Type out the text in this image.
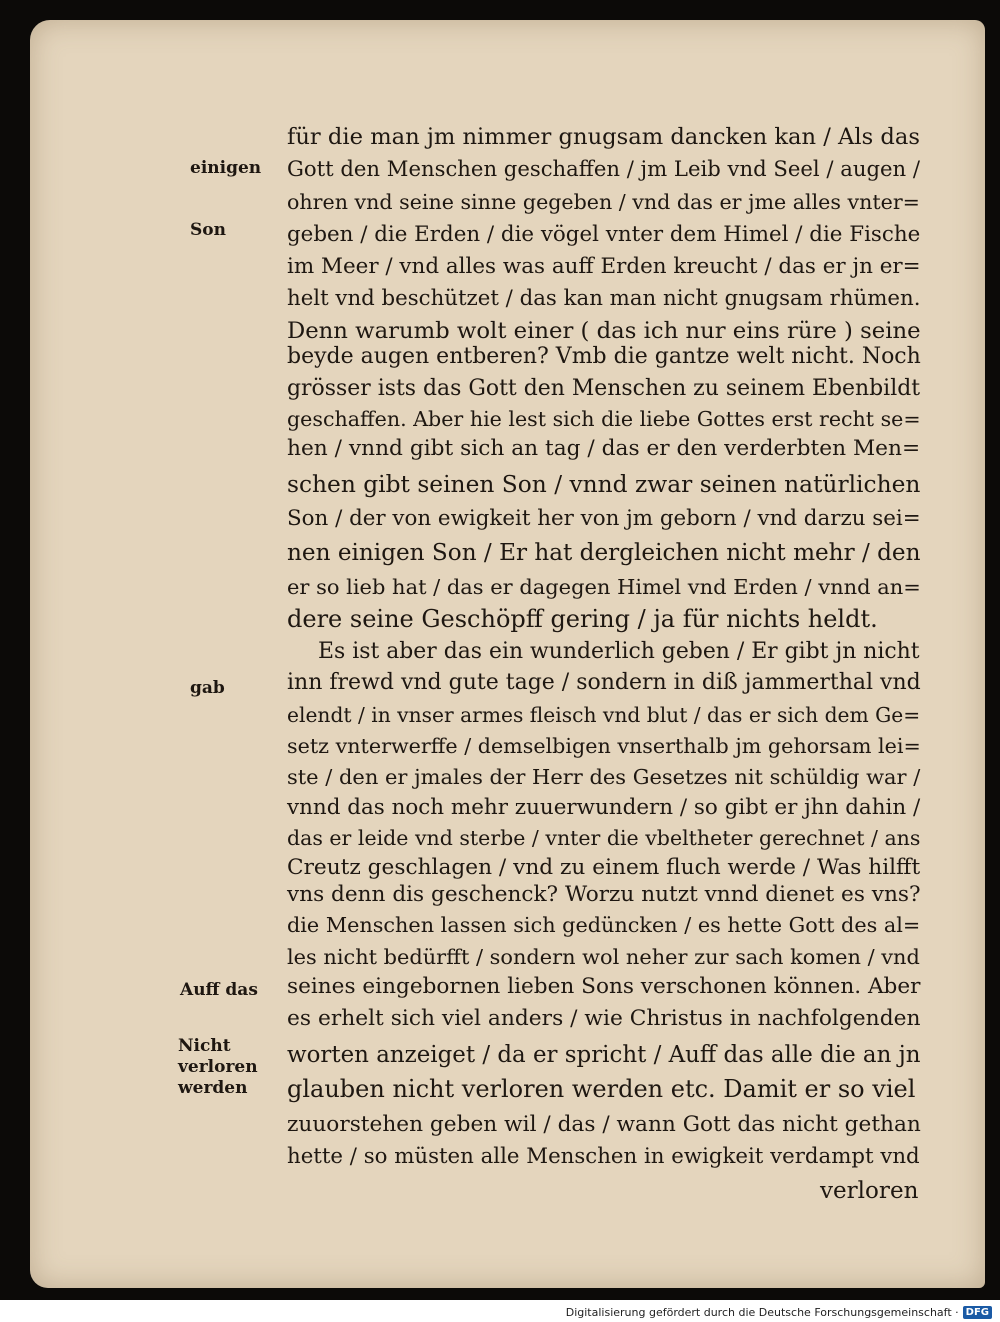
einigen
Son
gab
Auff das
Nicht
verloren
werden
für die man jm nimmer gnugsam dancken kan / Als das
Gott den Menschen geschaffen / jm Leib vnd Seel / augen /
ohren vnd seine sinne gegeben / vnd das er jme alles vnter=
geben / die Erden / die vögel vnter dem Himel / die Fische
im Meer / vnd alles was auff Erden kreucht / das er jn er=
helt vnd beschützet / das kan man nicht gnugsam rhümen.
Denn warumb wolt einer ( das ich nur eins rüre ) seine
beyde augen entberen? Vmb die gantze welt nicht. Noch
grösser ists das Gott den Menschen zu seinem Ebenbildt
geschaffen. Aber hie lest sich die liebe Gottes erst recht se=
hen / vnnd gibt sich an tag / das er den verderbten Men=
schen gibt seinen Son / vnnd zwar seinen natürlichen
Son / der von ewigkeit her von jm geborn / vnd darzu sei=
nen einigen Son / Er hat dergleichen nicht mehr / den
er so lieb hat / das er dagegen Himel vnd Erden / vnnd an=
dere seine Geschöpff gering / ja für nichts heldt.
Es ist aber das ein wunderlich geben / Er gibt jn nicht
inn frewd vnd gute tage / sondern in diß jammerthal vnd
elendt / in vnser armes fleisch vnd blut / das er sich dem Ge=
setz vnterwerffe / demselbigen vnserthalb jm gehorsam lei=
ste / den er jmales der Herr des Gesetzes nit schüldig war /
vnnd das noch mehr zuuerwundern / so gibt er jhn dahin /
das er leide vnd sterbe / vnter die vbeltheter gerechnet / ans
Creutz geschlagen / vnd zu einem fluch werde / Was hilfft
vns denn dis geschenck? Worzu nutzt vnnd dienet es vns?
die Menschen lassen sich gedüncken / es hette Gott des al=
les nicht bedürfft / sondern wol neher zur sach komen / vnd
seines eingebornen lieben Sons verschonen können. Aber
es erhelt sich viel anders / wie Christus in nachfolgenden
worten anzeiget / da er spricht / Auff das alle die an jn
glauben nicht verloren werden etc. Damit er so viel
zuuorstehen geben wil / das / wann Gott das nicht gethan
hette / so müsten alle Menschen in ewigkeit verdampt vnd
verloren
Digitalisierung gefördert durch die Deutsche Forschungsgemeinschaft · DFG
